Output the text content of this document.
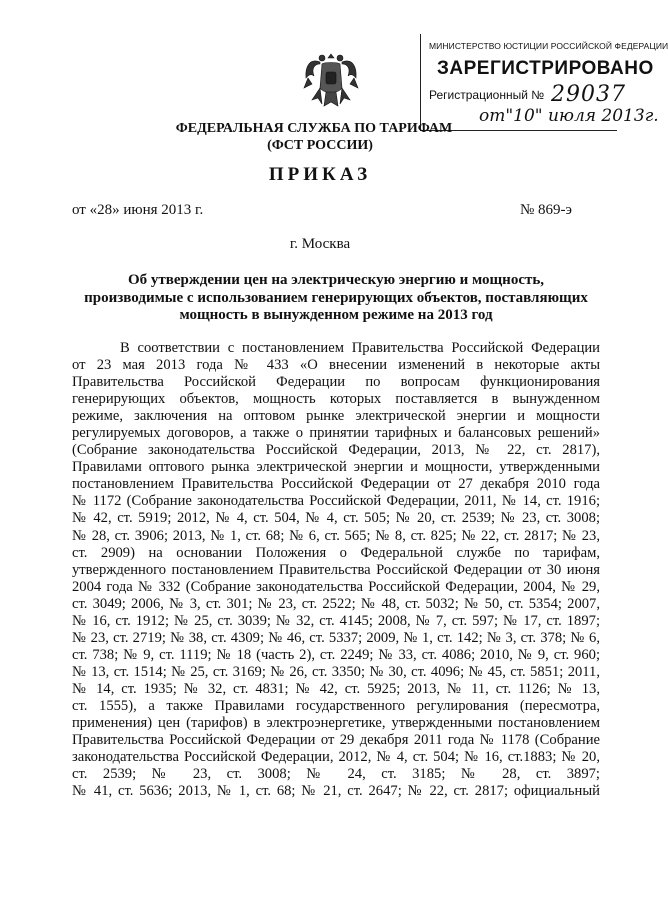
МИНИСТЕРСТВО ЮСТИЦИИ РОССИЙСКОЙ ФЕДЕРАЦИИ
ЗАРЕГИСТРИРОВАНО
Регистрационный № 29037
от"10" июля 2013г.
ФЕДЕРАЛЬНАЯ СЛУЖБА ПО ТАРИФАМ
(ФСТ РОССИИ)
ПРИКАЗ
от «28» июня 2013 г.	№ 869-э
г. Москва
Об утверждении цен на электрическую энергию и мощность,
производимые с использованием генерирующих объектов, поставляющих
мощность в вынужденном режиме на 2013 год
В соответствии с постановлением Правительства Российской Федерации
от 23 мая 2013 года № 433 «О внесении изменений в некоторые акты
Правительства Российской Федерации по вопросам функционирования
генерирующих объектов, мощность которых поставляется в вынужденном
режиме, заключения на оптовом рынке электрической энергии и мощности
регулируемых договоров, а также о принятии тарифных и балансовых решений»
(Собрание законодательства Российской Федерации, 2013, № 22, ст. 2817),
Правилами оптового рынка электрической энергии и мощности, утвержденными
постановлением Правительства Российской Федерации от 27 декабря 2010 года
№ 1172 (Собрание законодательства Российской Федерации, 2011, № 14, ст. 1916;
№ 42, ст. 5919; 2012, № 4, ст. 504, № 4, ст. 505; № 20, ст. 2539; № 23, ст. 3008;
№ 28, ст. 3906; 2013, № 1, ст. 68; № 6, ст. 565; № 8, ст. 825; № 22, ст. 2817; № 23,
ст. 2909) на основании Положения о Федеральной службе по тарифам,
утвержденного постановлением Правительства Российской Федерации от 30 июня
2004 года № 332 (Собрание законодательства Российской Федерации, 2004, № 29,
ст. 3049; 2006, № 3, ст. 301; № 23, ст. 2522; № 48, ст. 5032; № 50, ст. 5354; 2007,
№ 16, ст. 1912; № 25, ст. 3039; № 32, ст. 4145; 2008, № 7, ст. 597; № 17, ст. 1897;
№ 23, ст. 2719; № 38, ст. 4309; № 46, ст. 5337; 2009, № 1, ст. 142; № 3, ст. 378; № 6,
ст. 738; № 9, ст. 1119; № 18 (часть 2), ст. 2249; № 33, ст. 4086; 2010, № 9, ст. 960;
№ 13, ст. 1514; № 25, ст. 3169; № 26, ст. 3350; № 30, ст. 4096; № 45, ст. 5851; 2011,
№ 14, ст. 1935; № 32, ст. 4831; № 42, ст. 5925; 2013, № 11, ст. 1126; № 13,
ст. 1555), а также Правилами государственного регулирования (пересмотра,
применения) цен (тарифов) в электроэнергетике, утвержденными постановлением
Правительства Российской Федерации от 29 декабря 2011 года № 1178 (Собрание
законодательства Российской Федерации, 2012, № 4, ст. 504; № 16, ст.1883; № 20,
ст. 2539; № 23, ст. 3008; № 24, ст. 3185; № 28, ст. 3897;
№ 41, ст. 5636; 2013, № 1, ст. 68; № 21, ст. 2647; № 22, ст. 2817; официальный
